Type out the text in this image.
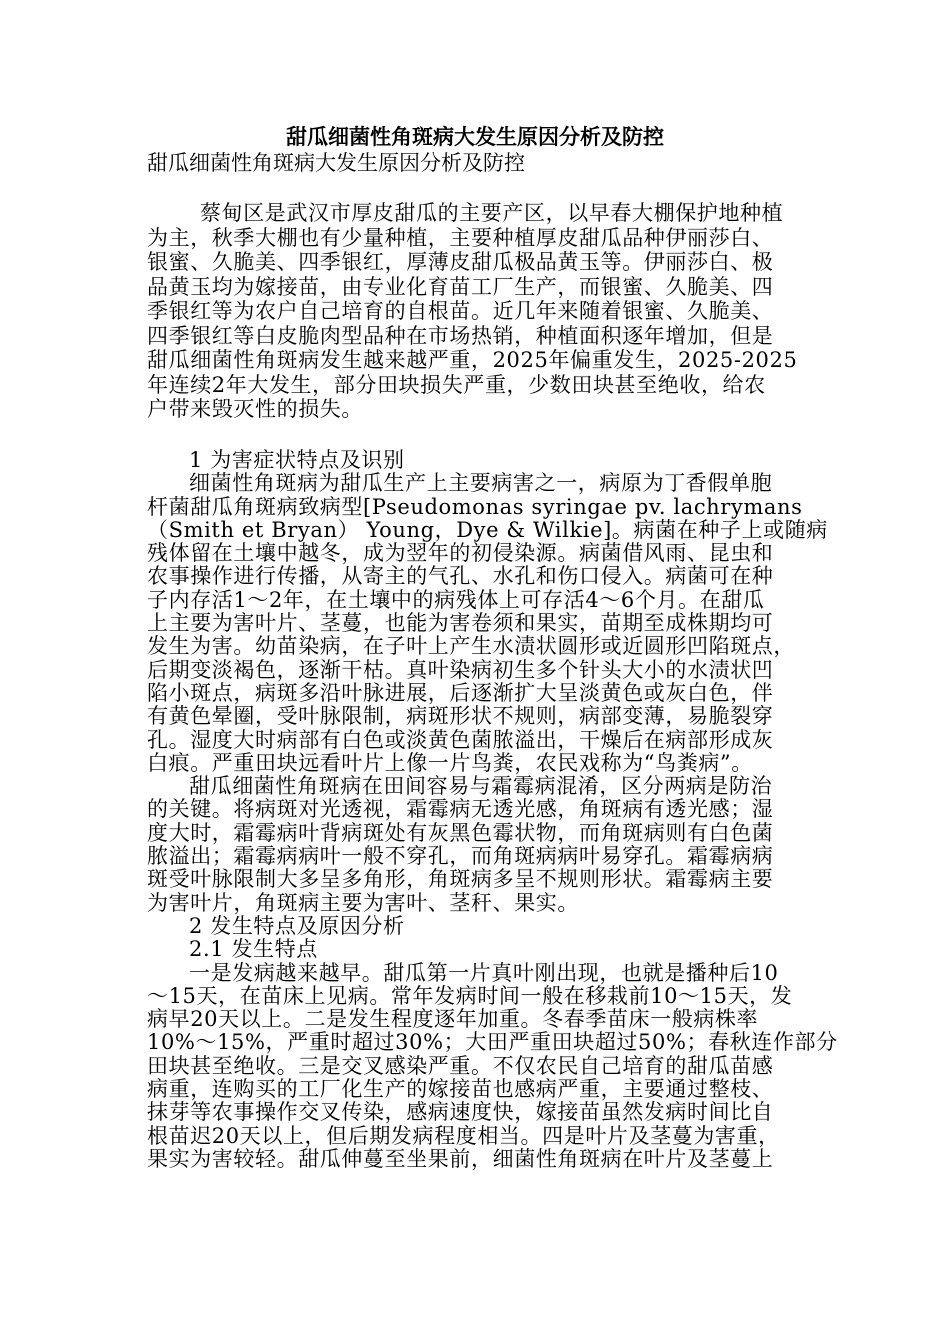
甜瓜细菌性角斑病大发生原因分析及防控
甜瓜细菌性角斑病大发生原因分析及防控
蔡甸区是武汉市厚皮甜瓜的主要产区，以早春大棚保护地种植
为主，秋季大棚也有少量种植，主要种植厚皮甜瓜品种伊丽莎白、
银蜜、久脆美、四季银红，厚薄皮甜瓜极品黄玉等。伊丽莎白、极
品黄玉均为嫁接苗，由专业化育苗工厂生产，而银蜜、久脆美、四
季银红等为农户自己培育的自根苗。近几年来随着银蜜、久脆美、
四季银红等白皮脆肉型品种在市场热销，种植面积逐年增加，但是
甜瓜细菌性角斑病发生越来越严重，2025年偏重发生，2025-2025
年连续2年大发生，部分田块损失严重，少数田块甚至绝收，给农
户带来毁灭性的损失。
1 为害症状特点及识别
细菌性角斑病为甜瓜生产上主要病害之一，病原为丁香假单胞
杆菌甜瓜角斑病致病型[Pseudomonas syringae pv. lachrymans
（Smith et Bryan） Young，Dye & Wilkie]。病菌在种子上或随病
残体留在土壤中越冬，成为翌年的初侵染源。病菌借风雨、昆虫和
农事操作进行传播，从寄主的气孔、水孔和伤口侵入。病菌可在种
子内存活1～2年，在土壤中的病残体上可存活4～6个月。在甜瓜
上主要为害叶片、茎蔓，也能为害卷须和果实，苗期至成株期均可
发生为害。幼苗染病，在子叶上产生水渍状圆形或近圆形凹陷斑点，
后期变淡褐色，逐渐干枯。真叶染病初生多个针头大小的水渍状凹
陷小斑点，病斑多沿叶脉进展，后逐渐扩大呈淡黄色或灰白色，伴
有黄色晕圈，受叶脉限制，病斑形状不规则，病部变薄，易脆裂穿
孔。湿度大时病部有白色或淡黄色菌脓溢出，干燥后在病部形成灰
白痕。严重田块远看叶片上像一片鸟粪，农民戏称为“鸟粪病”。
甜瓜细菌性角斑病在田间容易与霜霉病混淆，区分两病是防治
的关键。将病斑对光透视，霜霉病无透光感，角斑病有透光感；湿
度大时，霜霉病叶背病斑处有灰黑色霉状物，而角斑病则有白色菌
脓溢出；霜霉病病叶一般不穿孔，而角斑病病叶易穿孔。霜霉病病
斑受叶脉限制大多呈多角形，角斑病多呈不规则形状。霜霉病主要
为害叶片，角斑病主要为害叶、茎秆、果实。
2 发生特点及原因分析
2.1 发生特点
一是发病越来越早。甜瓜第一片真叶刚出现，也就是播种后10
～15天，在苗床上见病。常年发病时间一般在移栽前10～15天，发
病早20天以上。二是发生程度逐年加重。冬春季苗床一般病株率
10%～15%，严重时超过30%；大田严重田块超过50%；春秋连作部分
田块甚至绝收。三是交叉感染严重。不仅农民自己培育的甜瓜苗感
病重，连购买的工厂化生产的嫁接苗也感病严重，主要通过整枝、
抹芽等农事操作交叉传染，感病速度快，嫁接苗虽然发病时间比自
根苗迟20天以上，但后期发病程度相当。四是叶片及茎蔓为害重，
果实为害较轻。甜瓜伸蔓至坐果前，细菌性角斑病在叶片及茎蔓上
